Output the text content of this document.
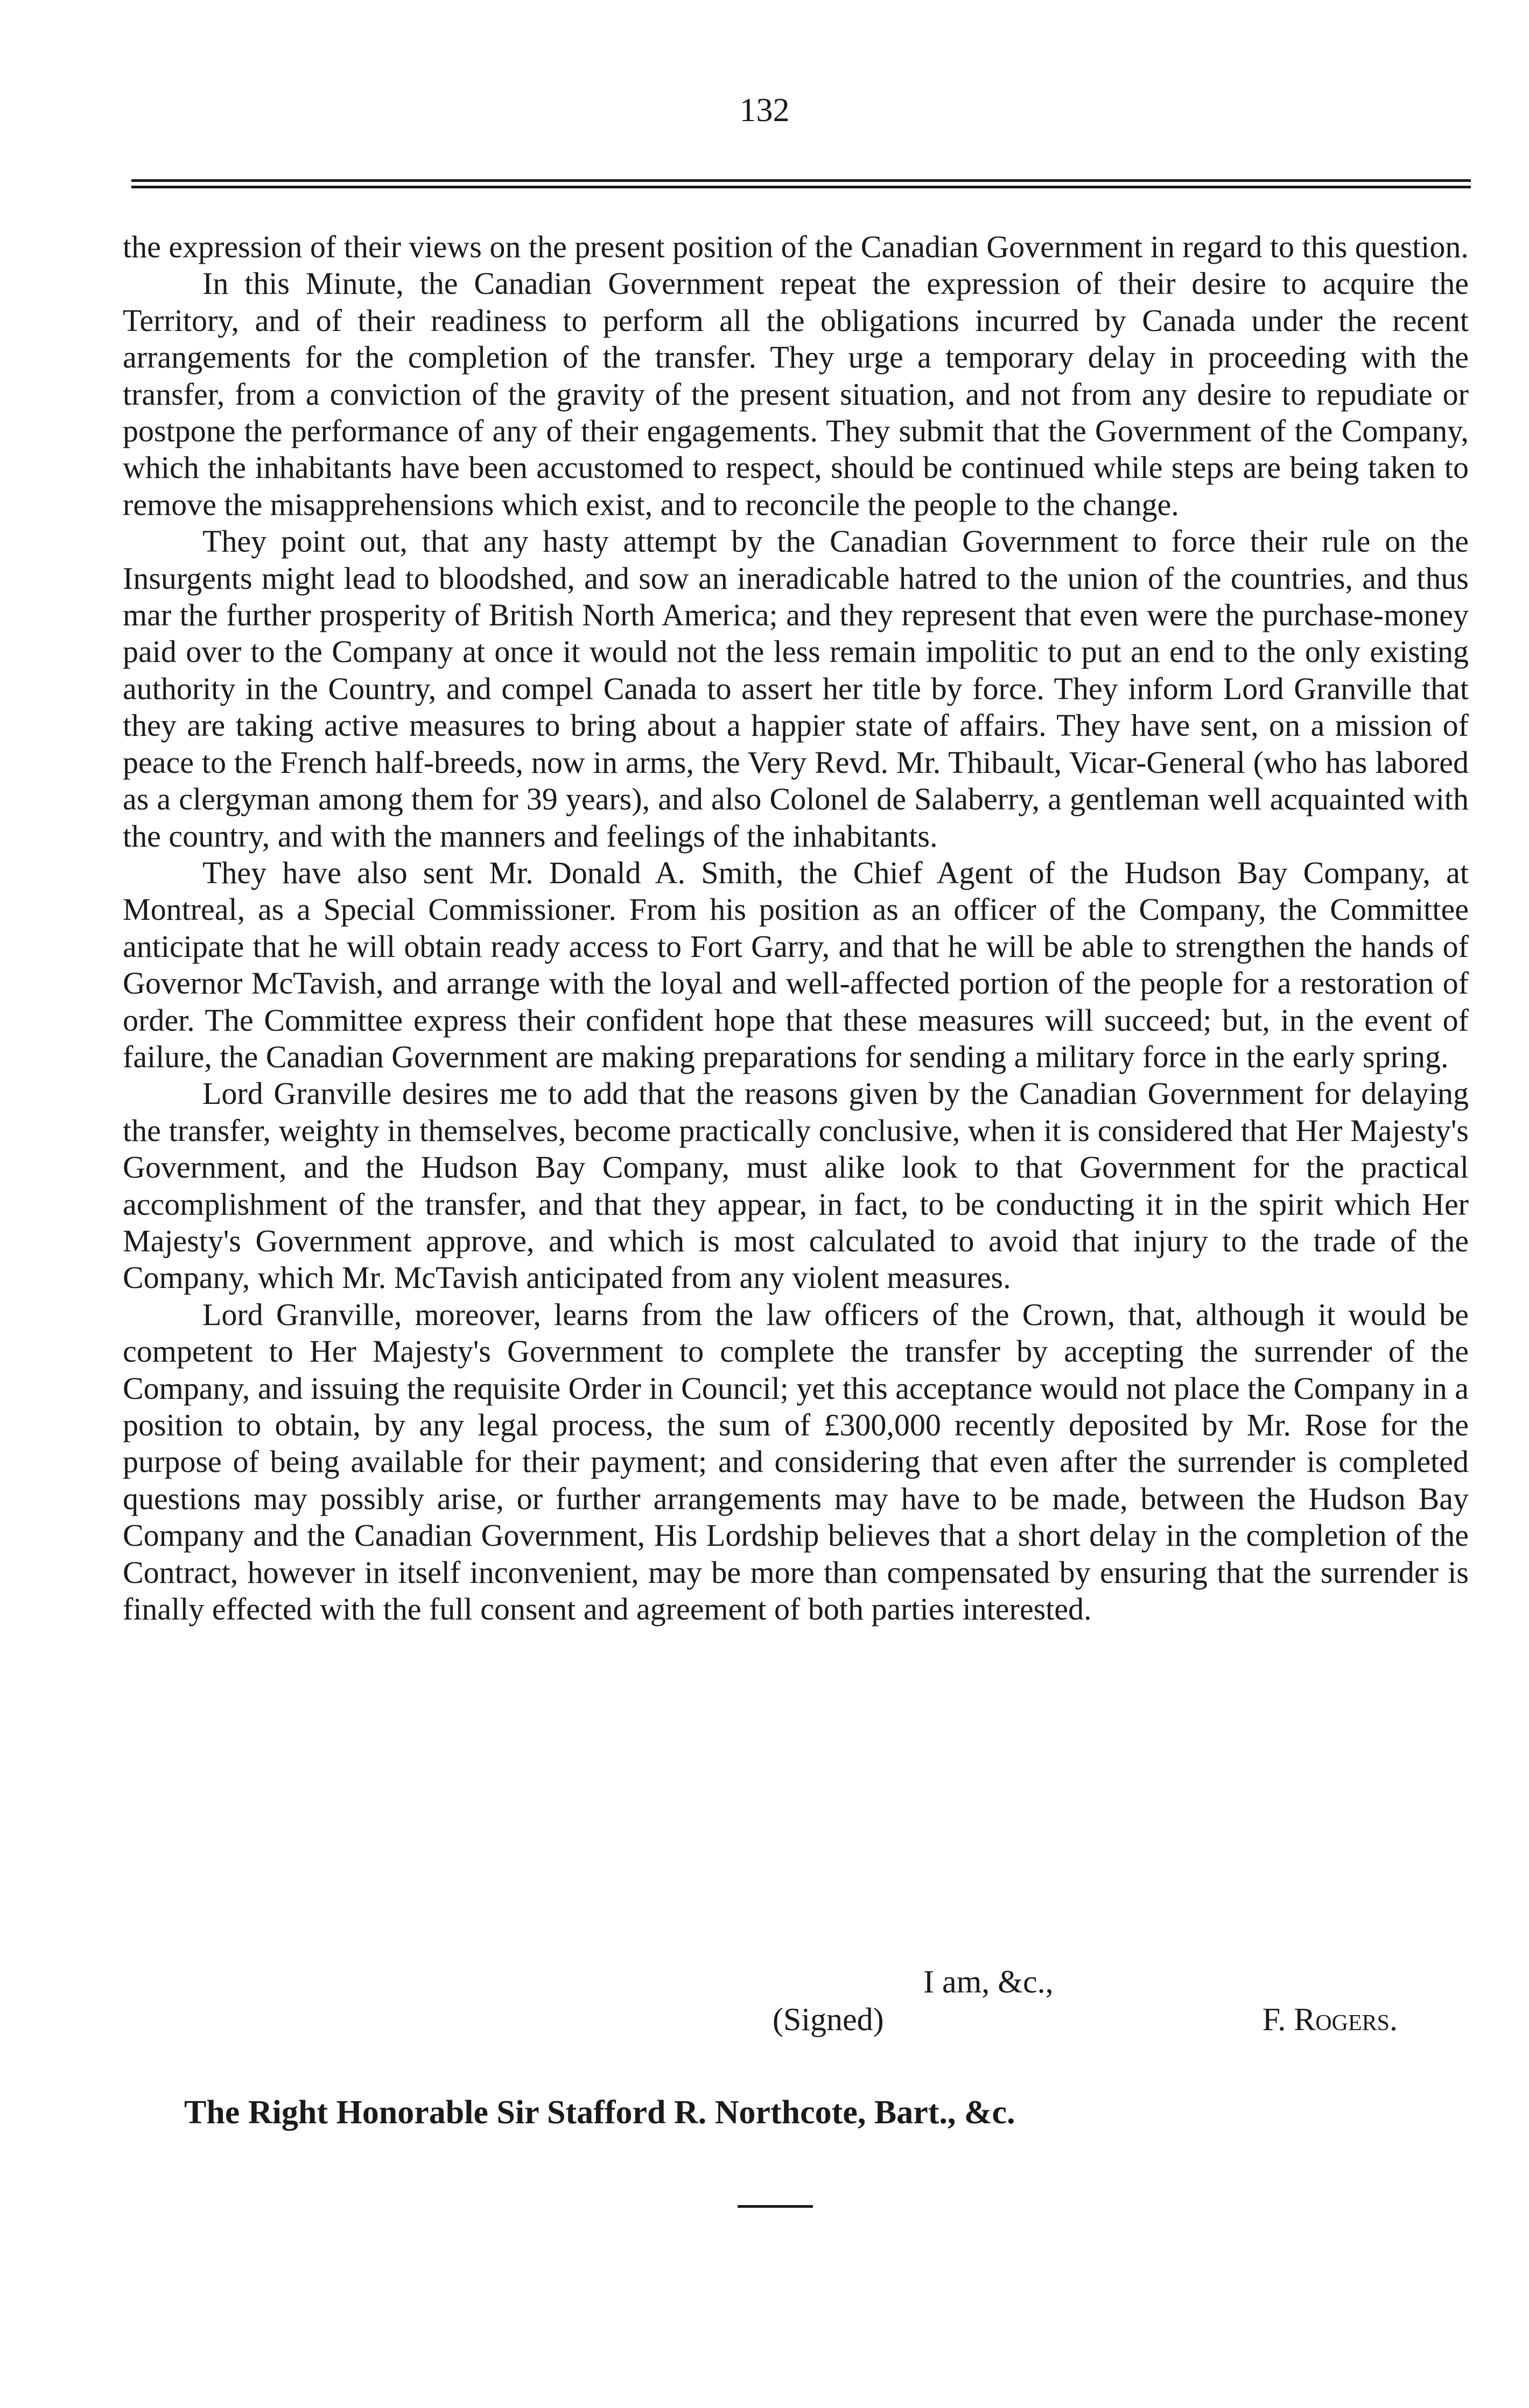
132

the expression of their views on the present position of the Canadian Government in regard to this question.

In this Minute, the Canadian Government repeat the expression of their desire to acquire the Territory, and of their readiness to perform all the obligations incurred by Canada under the recent arrangements for the completion of the transfer. They urge a temporary delay in proceeding with the transfer, from a conviction of the gravity of the present situation, and not from any desire to repudiate or postpone the performance of any of their engagements. They submit that the Government of the Company, which the inhabitants have been accustomed to respect, should be continued while steps are being taken to remove the misapprehensions which exist, and to reconcile the people to the change.

They point out, that any hasty attempt by the Canadian Government to force their rule on the Insurgents might lead to bloodshed, and sow an ineradicable hatred to the union of the countries, and thus mar the further prosperity of British North America; and they represent that even were the purchase-money paid over to the Company at once it would not the less remain impolitic to put an end to the only existing authority in the Country, and compel Canada to assert her title by force. They inform Lord Granville that they are taking active measures to bring about a happier state of affairs. They have sent, on a mission of peace to the French half-breeds, now in arms, the Very Revd. Mr. Thibault, Vicar-General (who has labored as a clergyman among them for 39 years), and also Colonel de Salaberry, a gentleman well acquainted with the country, and with the manners and feelings of the inhabitants.

They have also sent Mr. Donald A. Smith, the Chief Agent of the Hudson Bay Company, at Montreal, as a Special Commissioner. From his position as an officer of the Company, the Committee anticipate that he will obtain ready access to Fort Garry, and that he will be able to strengthen the hands of Governor McTavish, and arrange with the loyal and well-affected portion of the people for a restoration of order. The Committee express their confident hope that these measures will succeed; but, in the event of failure, the Canadian Government are making preparations for sending a military force in the early spring.

Lord Granville desires me to add that the reasons given by the Canadian Government for delaying the transfer, weighty in themselves, become practically conclusive, when it is considered that Her Majesty's Government, and the Hudson Bay Company, must alike look to that Government for the practical accomplishment of the transfer, and that they appear, in fact, to be conducting it in the spirit which Her Majesty's Government approve, and which is most calculated to avoid that injury to the trade of the Company, which Mr. McTavish anticipated from any violent measures.

Lord Granville, moreover, learns from the law officers of the Crown, that, although it would be competent to Her Majesty's Government to complete the transfer by accepting the surrender of the Company, and issuing the requisite Order in Council; yet this acceptance would not place the Company in a position to obtain, by any legal process, the sum of £300,000 recently deposited by Mr. Rose for the purpose of being available for their payment; and considering that even after the surrender is completed questions may possibly arise, or further arrangements may have to be made, between the Hudson Bay Company and the Canadian Government, His Lordship believes that a short delay in the completion of the Contract, however in itself inconvenient, may be more than compensated by ensuring that the surrender is finally effected with the full consent and agreement of both parties interested.

I am, &c.,
(Signed)	F. Rogers.
The Right Honorable Sir Stafford R. Northcote, Bart., &c.
